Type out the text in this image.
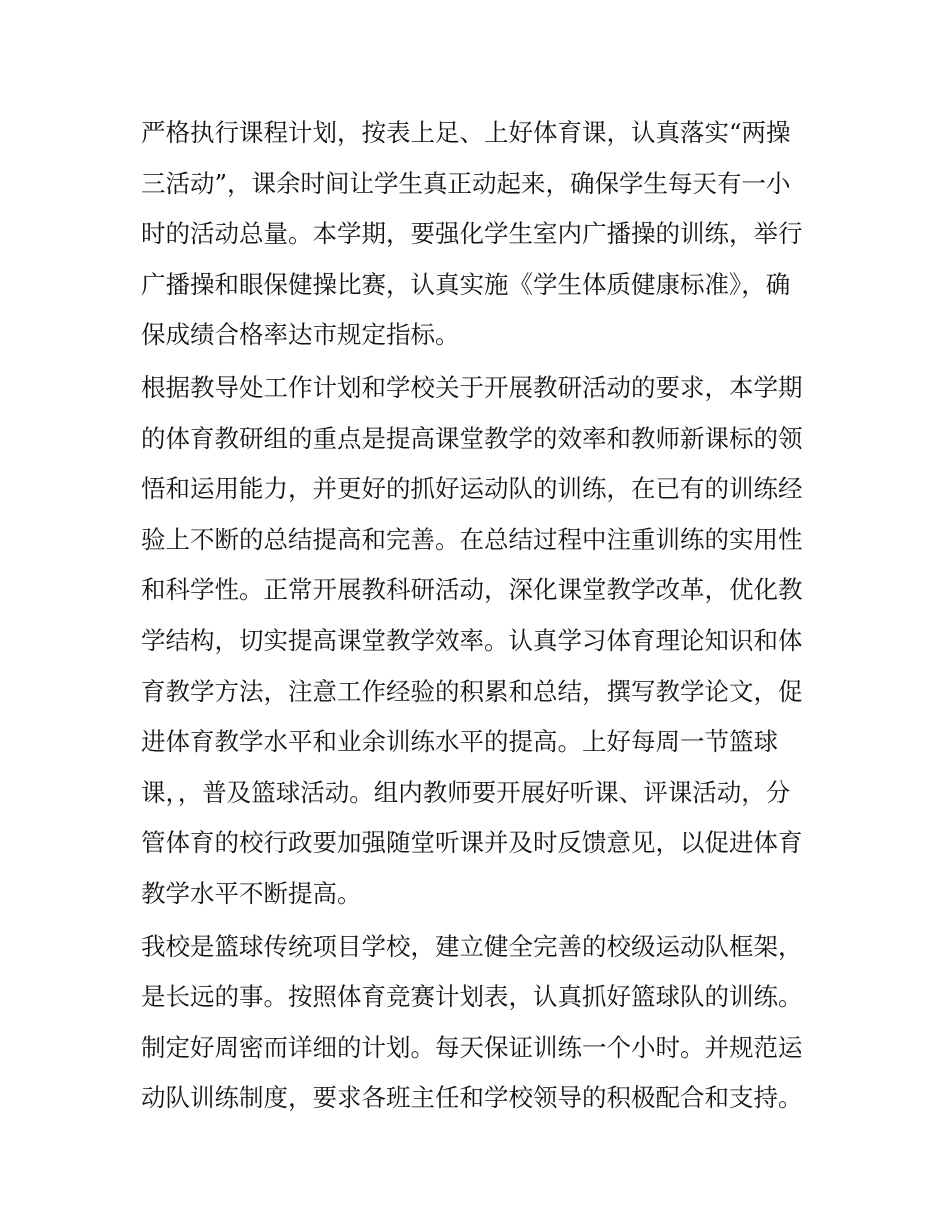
严格执行课程计划，按表上足、上好体育课，认真落实“两操
三活动”，课余时间让学生真正动起来，确保学生每天有一小
时的活动总量。本学期，要强化学生室内广播操的训练，举行
广播操和眼保健操比赛，认真实施《学生体质健康标准》，确
保成绩合格率达市规定指标。

根据教导处工作计划和学校关于开展教研活动的要求，本学期
的体育教研组的重点是提高课堂教学的效率和教师新课标的领
悟和运用能力，并更好的抓好运动队的训练，在已有的训练经
验上不断的总结提高和完善。在总结过程中注重训练的实用性
和科学性。正常开展教科研活动，深化课堂教学改革，优化教
学结构，切实提高课堂教学效率。认真学习体育理论知识和体
育教学方法，注意工作经验的积累和总结，撰写教学论文，促
进体育教学水平和业余训练水平的提高。上好每周一节篮球
课，，普及篮球活动。组内教师要开展好听课、评课活动，分
管体育的校行政要加强随堂听课并及时反馈意见，以促进体育
教学水平不断提高。

我校是篮球传统项目学校，建立健全完善的校级运动队框架，
是长远的事。按照体育竞赛计划表，认真抓好篮球队的训练。
制定好周密而详细的计划。每天保证训练一个小时。并规范运
动队训练制度，要求各班主任和学校领导的积极配合和支持。
